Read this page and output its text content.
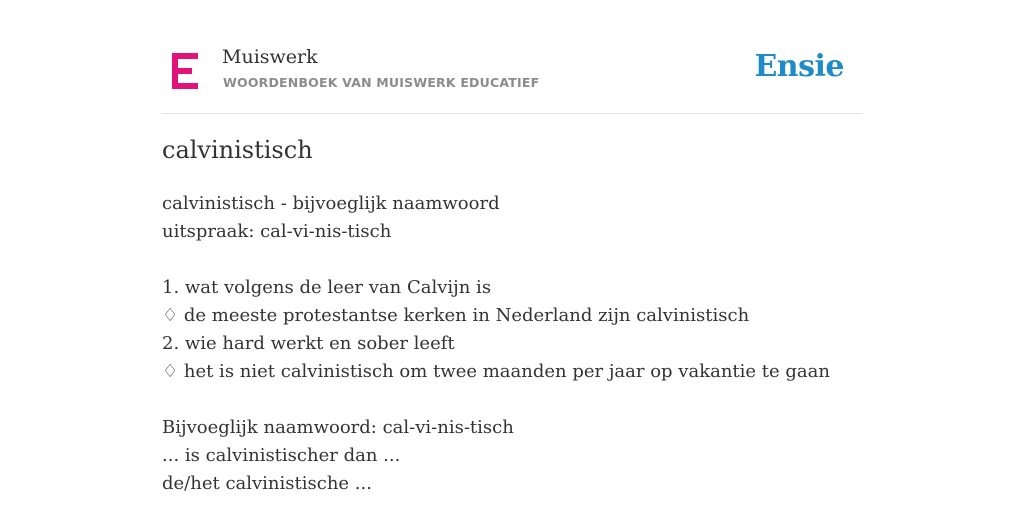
Muiswerk
WOORDENBOEK VAN MUISWERK EDUCATIEF	Ensie
calvinistisch
calvinistisch - bijvoeglijk naamwoord
uitspraak: cal-vi-nis-tisch
1. wat volgens de leer van Calvijn is
♢ de meeste protestantse kerken in Nederland zijn calvinistisch
2. wie hard werkt en sober leeft
♢ het is niet calvinistisch om twee maanden per jaar op vakantie te gaan
Bijvoeglijk naamwoord: cal-vi-nis-tisch
... is calvinistischer dan ...
de/het calvinistische ...
